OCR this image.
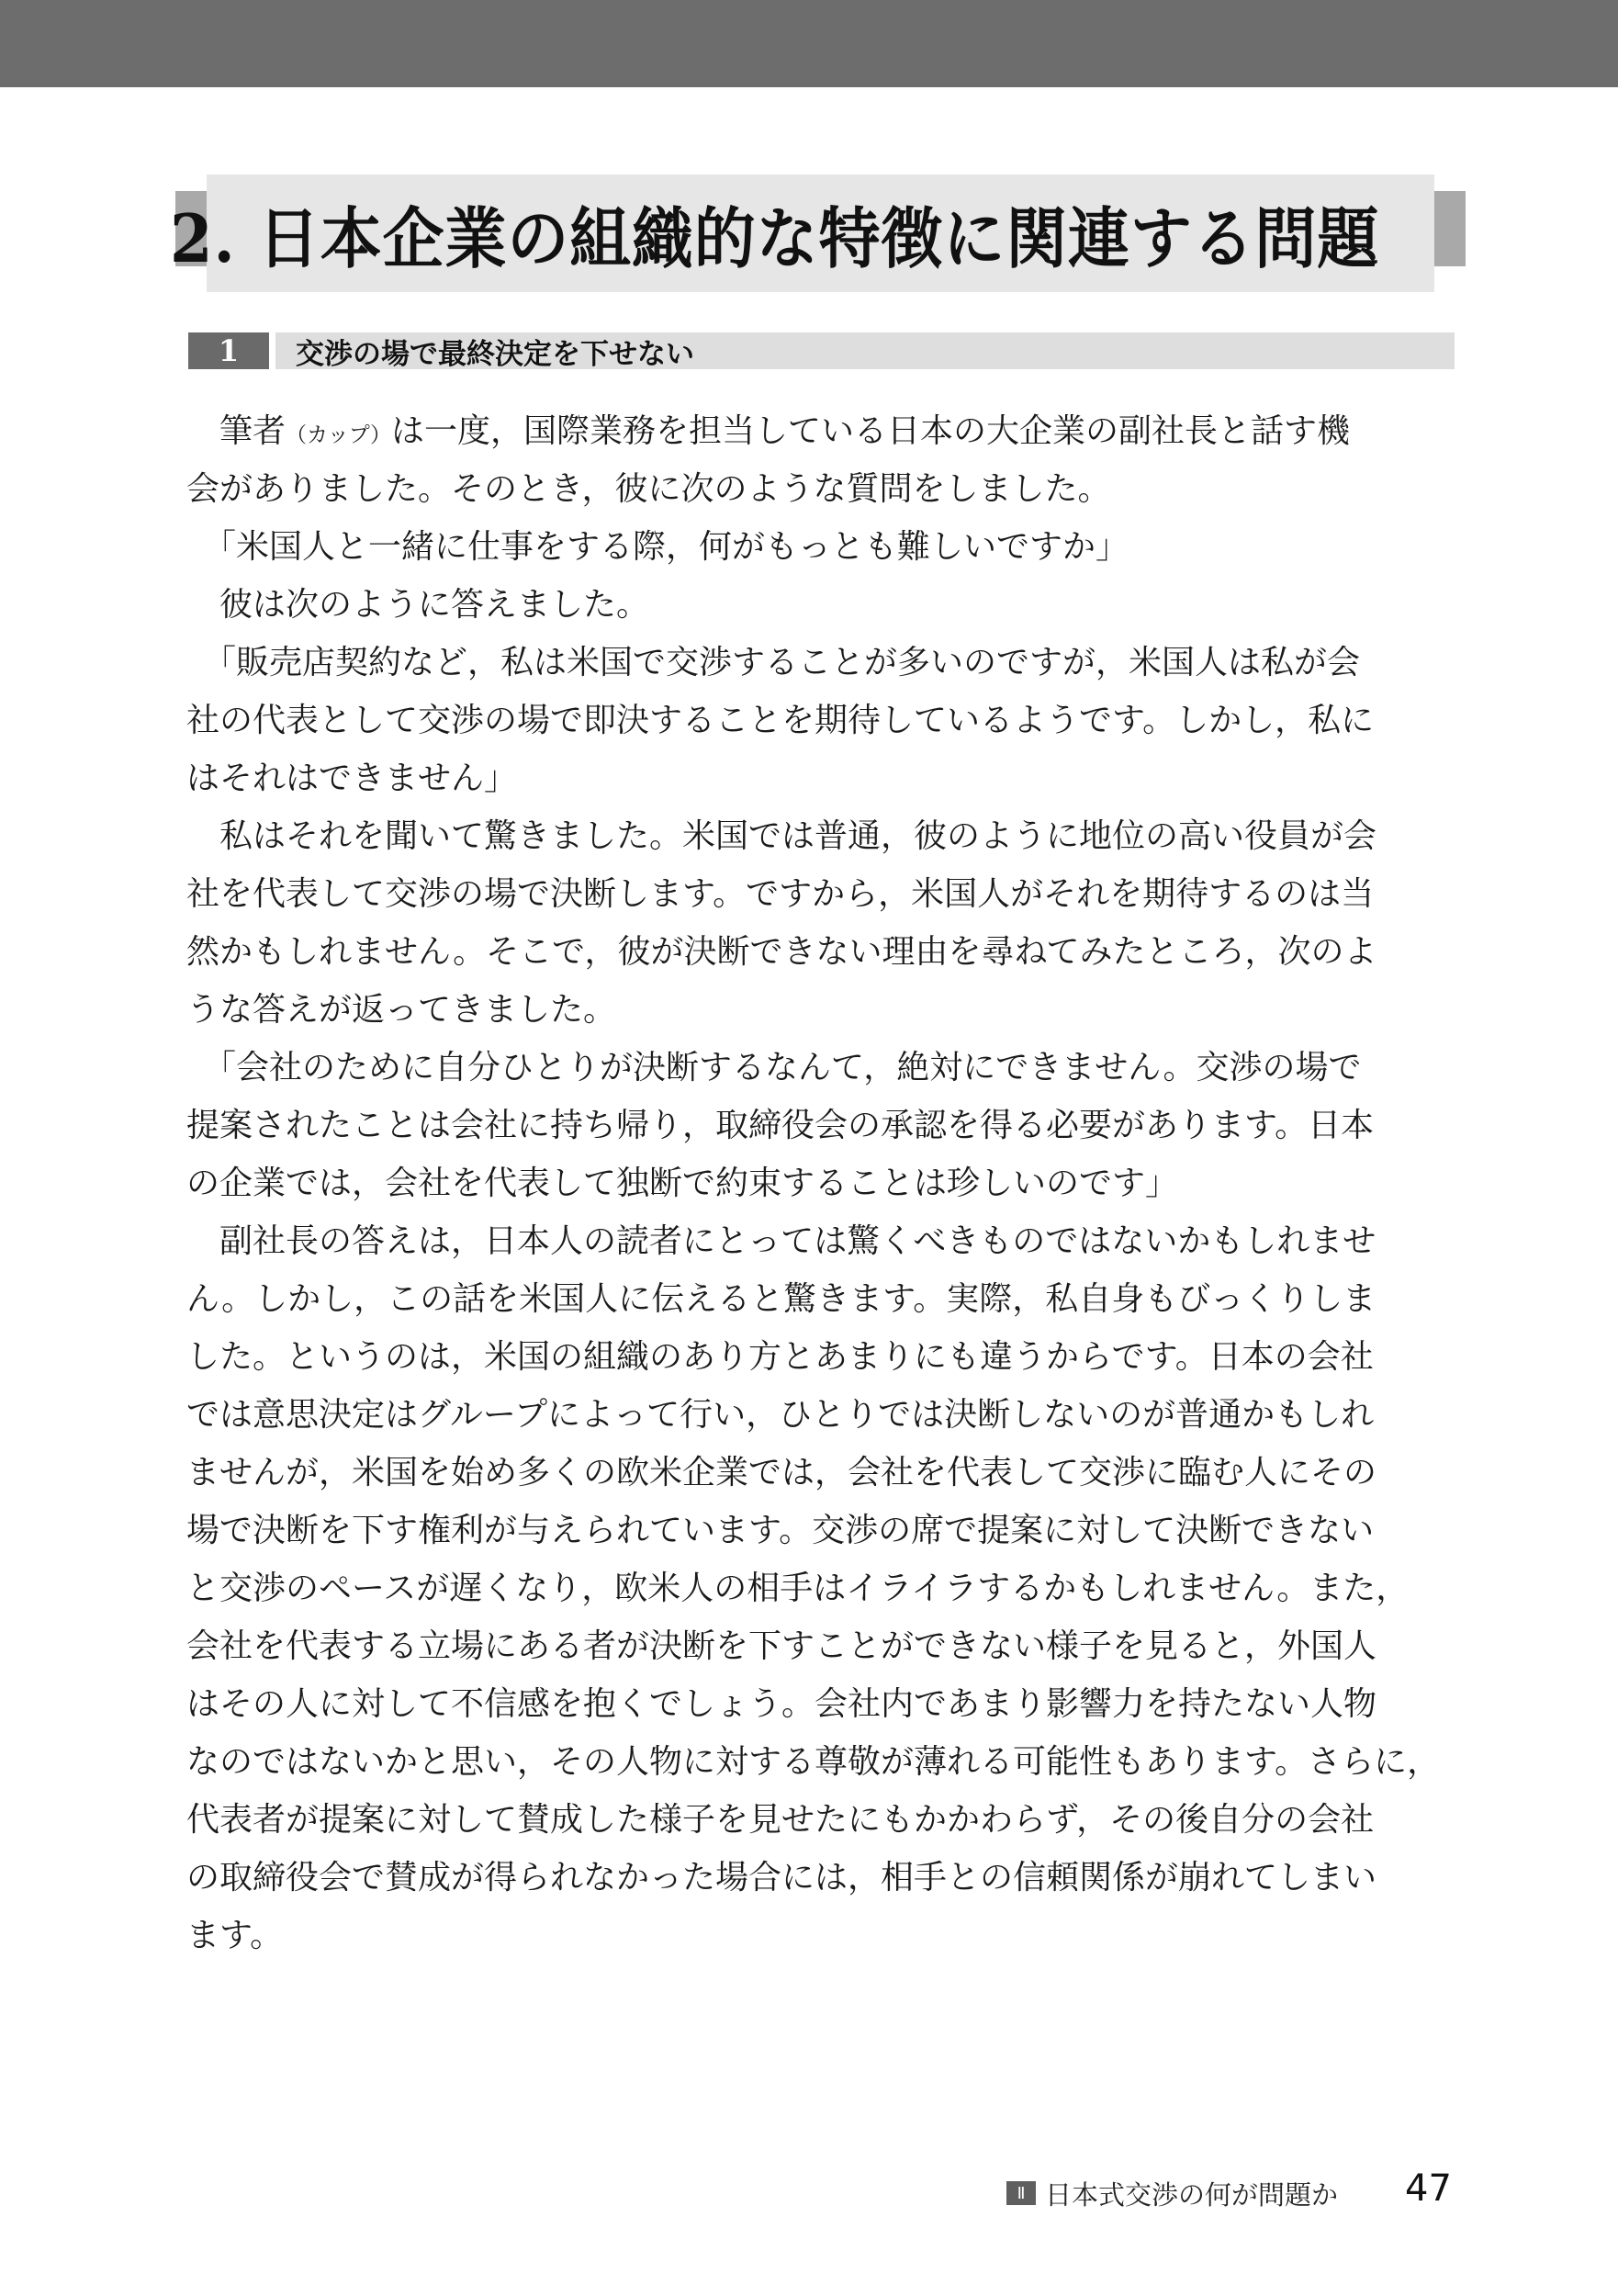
2. 日本企業の組織的な特徴に関連する問題
1	交渉の場で最終決定を下せない
　筆者（カップ）は一度，国際業務を担当している日本の大企業の副社長と話す機
会がありました。そのとき，彼に次のような質問をしました。
　「米国人と一緒に仕事をする際，何がもっとも難しいですか」
　彼は次のように答えました。
　「販売店契約など，私は米国で交渉することが多いのですが，米国人は私が会
社の代表として交渉の場で即決することを期待しているようです。しかし，私に
はそれはできません」
　私はそれを聞いて驚きました。米国では普通，彼のように地位の高い役員が会
社を代表して交渉の場で決断します。ですから，米国人がそれを期待するのは当
然かもしれません。そこで，彼が決断できない理由を尋ねてみたところ，次のよ
うな答えが返ってきました。
　「会社のために自分ひとりが決断するなんて，絶対にできません。交渉の場で
提案されたことは会社に持ち帰り，取締役会の承認を得る必要があります。日本
の企業では，会社を代表して独断で約束することは珍しいのです」
　副社長の答えは，日本人の読者にとっては驚くべきものではないかもしれませ
ん。しかし，この話を米国人に伝えると驚きます。実際，私自身もびっくりしま
した。というのは，米国の組織のあり方とあまりにも違うからです。日本の会社
では意思決定はグループによって行い，ひとりでは決断しないのが普通かもしれ
ませんが，米国を始め多くの欧米企業では，会社を代表して交渉に臨む人にその
場で決断を下す権利が与えられています。交渉の席で提案に対して決断できない
と交渉のペースが遅くなり，欧米人の相手はイライラするかもしれません。また，
会社を代表する立場にある者が決断を下すことができない様子を見ると，外国人
はその人に対して不信感を抱くでしょう。会社内であまり影響力を持たない人物
なのではないかと思い，その人物に対する尊敬が薄れる可能性もあります。さらに，
代表者が提案に対して賛成した様子を見せたにもかかわらず，その後自分の会社
の取締役会で賛成が得られなかった場合には，相手との信頼関係が崩れてしまい
ます。
Ⅱ 日本式交渉の何が問題か 47
